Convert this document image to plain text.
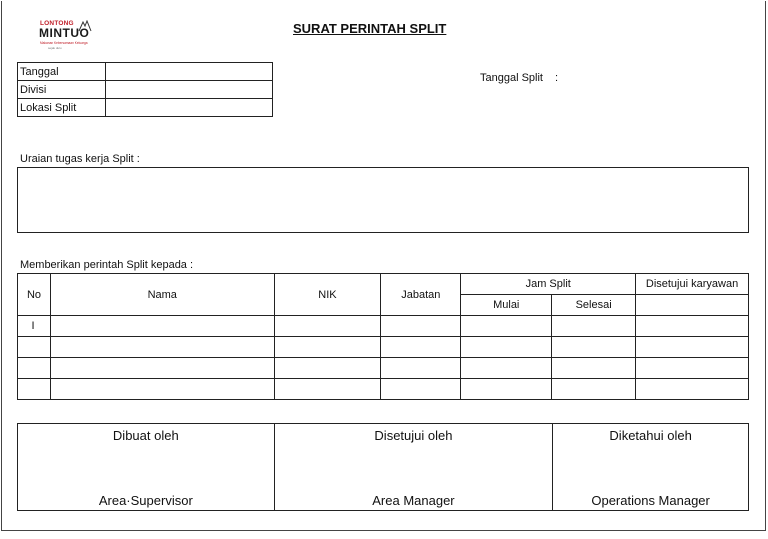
LONTONG
MINTUO
Makanan Kebersamaan Keluarga
sejak dulu
SURAT PERINTAH SPLIT
Tanggal	
Divisi	
Lokasi Split	
Tanggal Split :
Uraian tugas kerja Split :
Memberikan perintah Split kepada :
No	Nama	NIK	Jabatan	Jam Split		Disetujui karyawan
				Mulai	Selesai	
I						

Dibuat oleh
Area·Supervisor

Disetujui oleh
Area Manager

Diketahui oleh
Operations Manager
